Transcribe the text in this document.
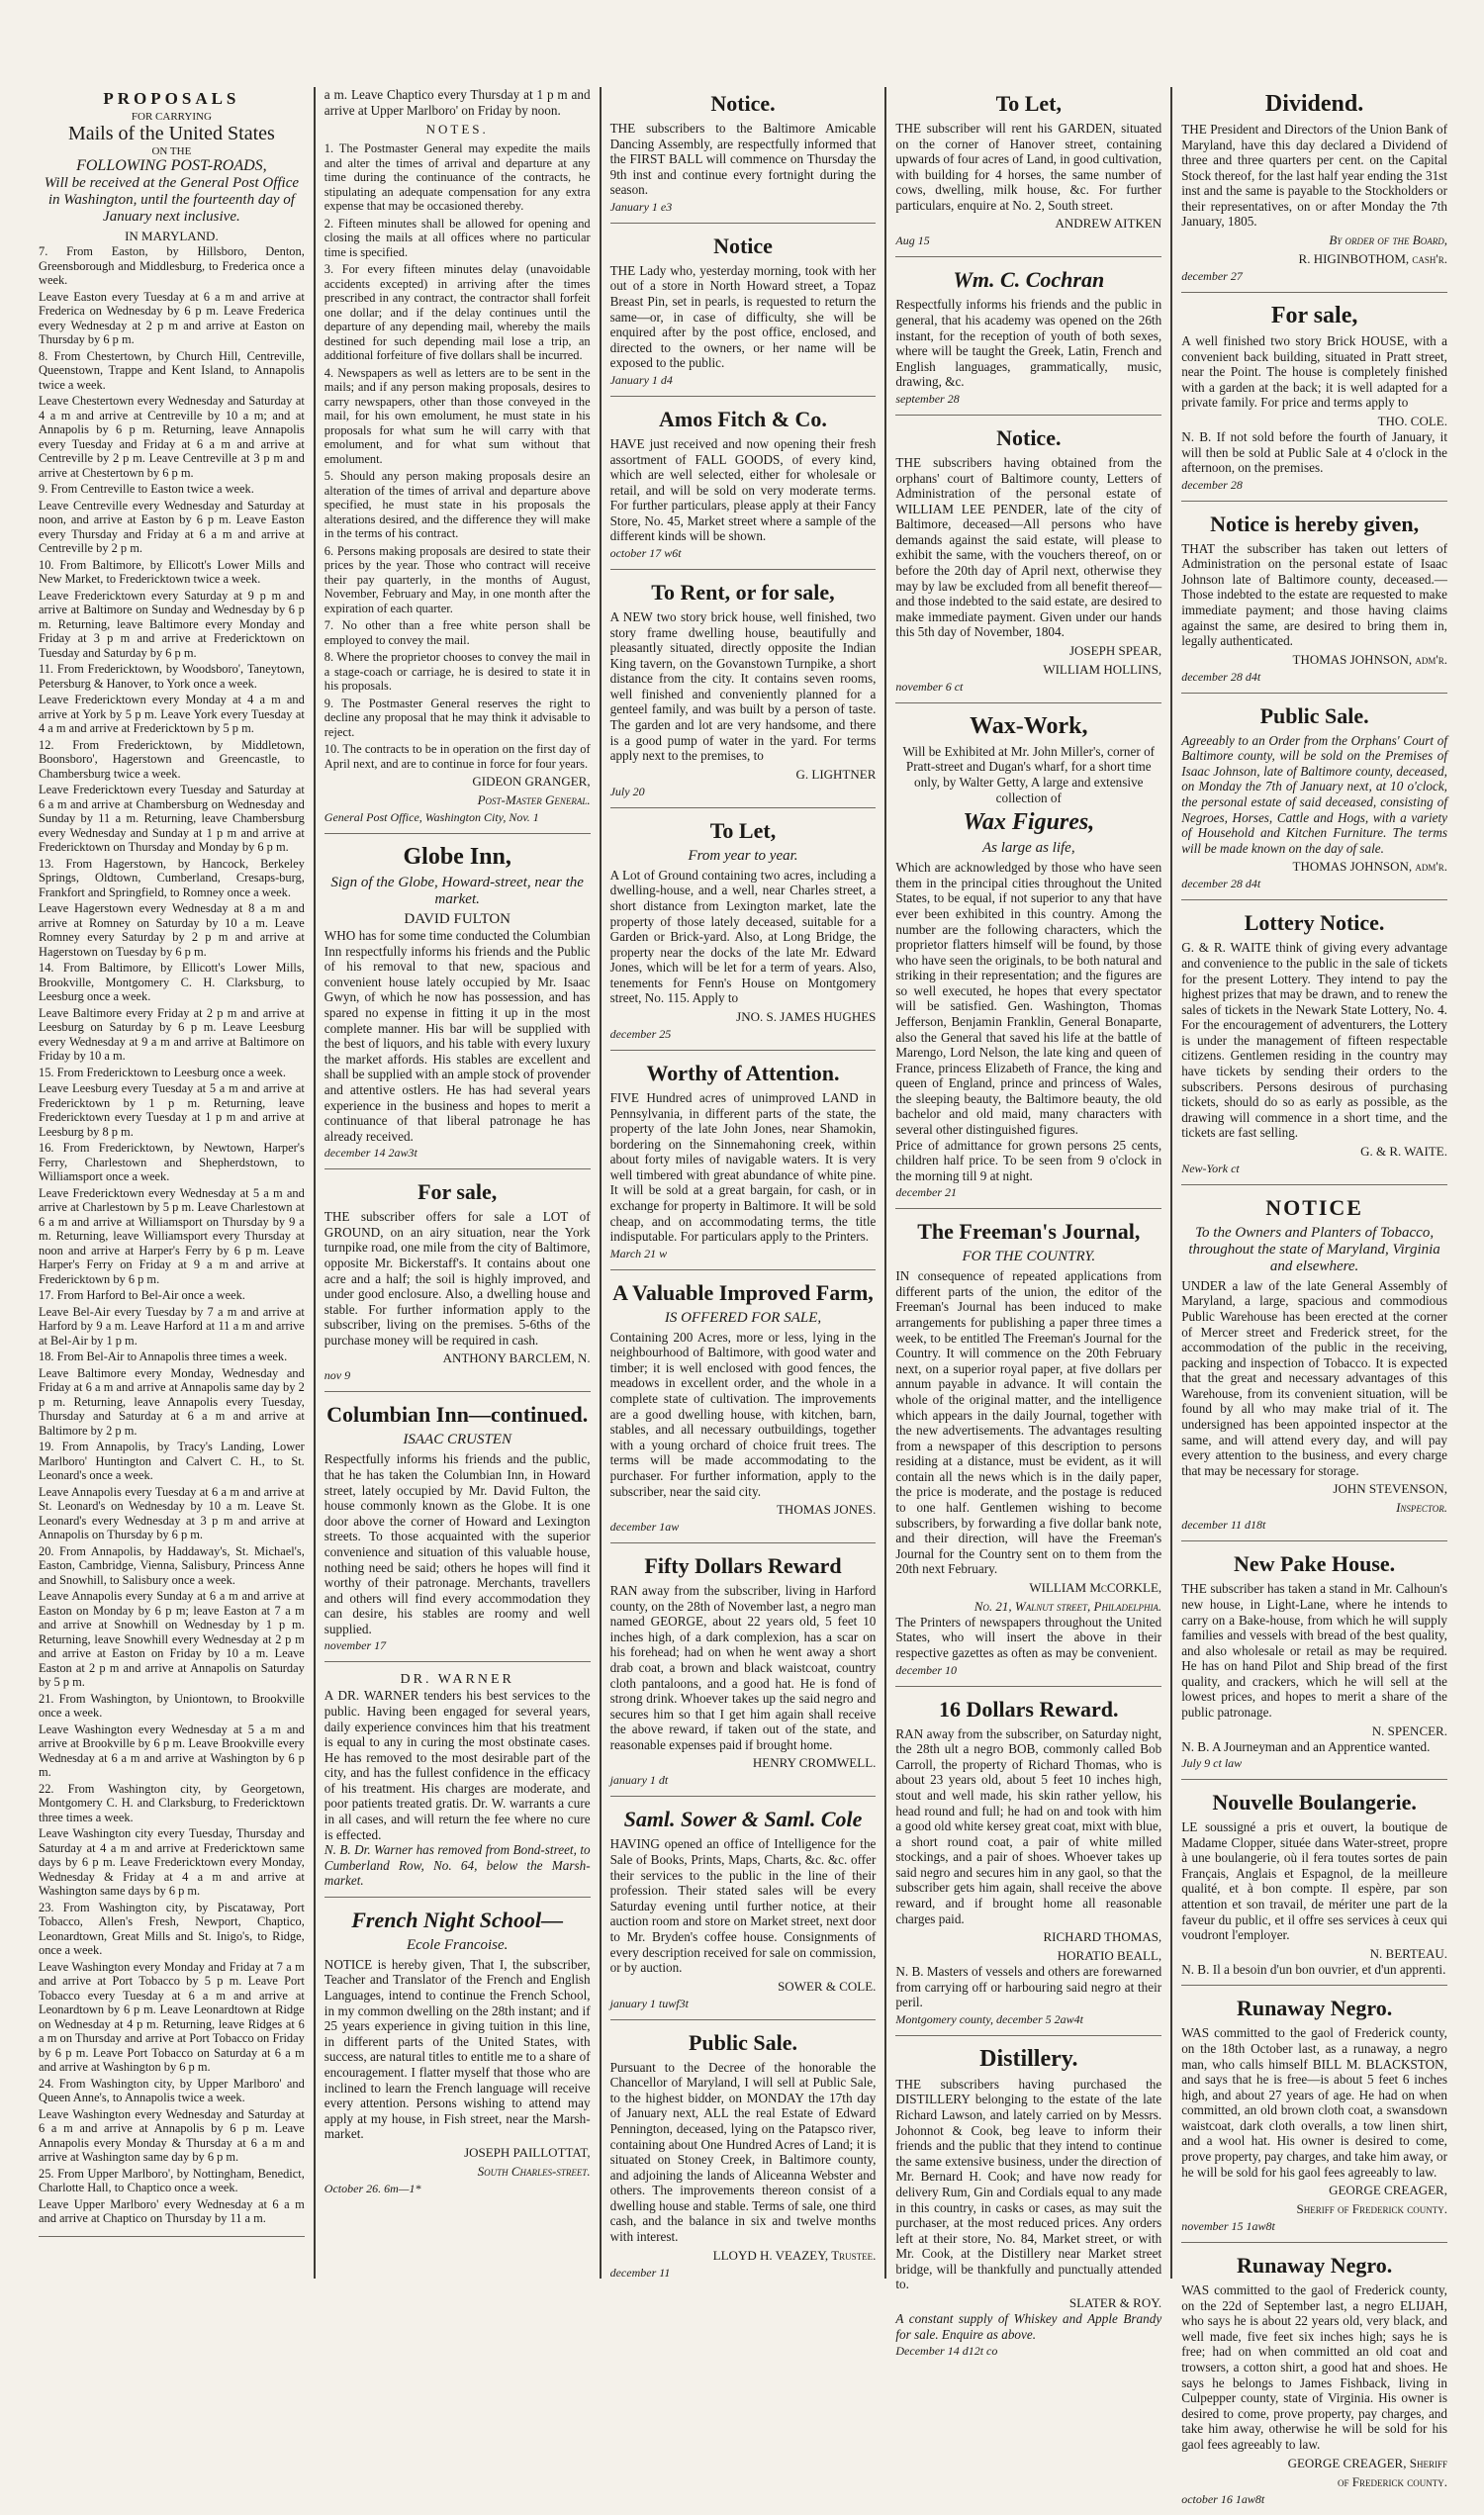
PROPOSALS
FOR CARRYING
Mails of the United States
ON THE
FOLLOWING POST-ROADS,
Will be received at the General Post Office in Washington, until the fourteenth day of January next inclusive.
IN MARYLAND.

7. From Easton, by Hillsboro, Denton, Greensborough and Middlesburg, to Frederica once a week.

Leave Easton every Tuesday at 6 a m and arrive at Frederica on Wednesday by 6 p m. Leave Frederica every Wednesday at 2 p m and arrive at Easton on Thursday by 6 p m.

8. From Chestertown, by Church Hill, Centreville, Queenstown, Trappe and Kent Island, to Annapolis twice a week.

Leave Chestertown every Wednesday and Saturday at 4 a m and arrive at Centreville by 10 a m; and at Annapolis by 6 p m. Returning, leave Annapolis every Tuesday and Friday at 6 a m and arrive at Centreville by 2 p m. Leave Centreville at 3 p m and arrive at Chestertown by 6 p m.

9. From Centreville to Easton twice a week.

Leave Centreville every Wednesday and Saturday at noon, and arrive at Easton by 6 p m. Leave Easton every Thursday and Friday at 6 a m and arrive at Centreville by 2 p m.

10. From Baltimore, by Ellicott's Lower Mills and New Market, to Fredericktown twice a week.

Leave Fredericktown every Saturday at 9 p m and arrive at Baltimore on Sunday and Wednesday by 6 p m. Returning, leave Baltimore every Monday and Friday at 3 p m and arrive at Fredericktown on Tuesday and Saturday by 6 p m.

11. From Fredericktown, by Woodsboro', Taneytown, Petersburg & Hanover, to York once a week.

Leave Fredericktown every Monday at 4 a m and arrive at York by 5 p m. Leave York every Tuesday at 4 a m and arrive at Fredericktown by 5 p m.

12. From Fredericktown, by Middletown, Boonsboro', Hagerstown and Greencastle, to Chambersburg twice a week.

Leave Fredericktown every Tuesday and Saturday at 6 a m and arrive at Chambersburg on Wednesday and Sunday by 11 a m. Returning, leave Chambersburg every Wednesday and Sunday at 1 p m and arrive at Fredericktown on Thursday and Monday by 6 p m.

13. From Hagerstown, by Hancock, Berkeley Springs, Oldtown, Cumberland, Cresaps-burg, Frankfort and Springfield, to Romney once a week.

Leave Hagerstown every Wednesday at 8 a m and arrive at Romney on Saturday by 10 a m. Leave Romney every Saturday by 2 p m and arrive at Hagerstown on Tuesday by 6 p m.

14. From Baltimore, by Ellicott's Lower Mills, Brookville, Montgomery C. H. Clarksburg, to Leesburg once a week.

Leave Baltimore every Friday at 2 p m and arrive at Leesburg on Saturday by 6 p m. Leave Leesburg every Wednesday at 9 a m and arrive at Baltimore on Friday by 10 a m.

15. From Fredericktown to Leesburg once a week.

Leave Leesburg every Tuesday at 5 a m and arrive at Fredericktown by 1 p m. Returning, leave Fredericktown every Tuesday at 1 p m and arrive at Leesburg by 8 p m.

16. From Fredericktown, by Newtown, Harper's Ferry, Charlestown and Shepherdstown, to Williamsport once a week.

Leave Fredericktown every Wednesday at 5 a m and arrive at Charlestown by 5 p m. Leave Charlestown at 6 a m and arrive at Williamsport on Thursday by 9 a m. Returning, leave Williamsport every Thursday at noon and arrive at Harper's Ferry by 6 p m. Leave Harper's Ferry on Friday at 9 a m and arrive at Fredericktown by 6 p m.

17. From Harford to Bel-Air once a week.

Leave Bel-Air every Tuesday by 7 a m and arrive at Harford by 9 a m. Leave Harford at 11 a m and arrive at Bel-Air by 1 p m.

18. From Bel-Air to Annapolis three times a week.

Leave Baltimore every Monday, Wednesday and Friday at 6 a m and arrive at Annapolis same day by 2 p m. Returning, leave Annapolis every Tuesday, Thursday and Saturday at 6 a m and arrive at Baltimore by 2 p m.

19. From Annapolis, by Tracy's Landing, Lower Marlboro' Huntington and Calvert C. H., to St. Leonard's once a week.

Leave Annapolis every Tuesday at 6 a m and arrive at St. Leonard's on Wednesday by 10 a m. Leave St. Leonard's every Wednesday at 3 p m and arrive at Annapolis on Thursday by 6 p m.

20. From Annapolis, by Haddaway's, St. Michael's, Easton, Cambridge, Vienna, Salisbury, Princess Anne and Snowhill, to Salisbury once a week.

Leave Annapolis every Sunday at 6 a m and arrive at Easton on Monday by 6 p m; leave Easton at 7 a m and arrive at Snowhill on Wednesday by 1 p m. Returning, leave Snowhill every Wednesday at 2 p m and arrive at Easton on Friday by 10 a m. Leave Easton at 2 p m and arrive at Annapolis on Saturday by 5 p m.

21. From Washington, by Uniontown, to Brookville once a week.

Leave Washington every Wednesday at 5 a m and arrive at Brookville by 6 p m. Leave Brookville every Wednesday at 6 a m and arrive at Washington by 6 p m.

22. From Washington city, by Georgetown, Montgomery C. H. and Clarksburg, to Fredericktown three times a week.

Leave Washington city every Tuesday, Thursday and Saturday at 4 a m and arrive at Fredericktown same days by 6 p m. Leave Fredericktown every Monday, Wednesday & Friday at 4 a m and arrive at Washington same days by 6 p m.

23. From Washington city, by Piscataway, Port Tobacco, Allen's Fresh, Newport, Chaptico, Leonardtown, Great Mills and St. Inigo's, to Ridge, once a week.

Leave Washington every Monday and Friday at 7 a m and arrive at Port Tobacco by 5 p m. Leave Port Tobacco every Tuesday at 6 a m and arrive at Leonardtown by 6 p m. Leave Leonardtown at Ridge on Wednesday at 4 p m. Returning, leave Ridges at 6 a m on Thursday and arrive at Port Tobacco on Friday by 6 p m. Leave Port Tobacco on Saturday at 6 a m and arrive at Washington by 6 p m.

24. From Washington city, by Upper Marlboro' and Queen Anne's, to Annapolis twice a week.

Leave Washington every Wednesday and Saturday at 6 a m and arrive at Annapolis by 6 p m. Leave Annapolis every Monday & Thursday at 6 a m and arrive at Washington same day by 6 p m.

25. From Upper Marlboro', by Nottingham, Benedict, Charlotte Hall, to Chaptico once a week.

Leave Upper Marlboro' every Wednesday at 6 a m and arrive at Chaptico on Thursday by 11 a m.

a m. Leave Chaptico every Thursday at 1 p m and arrive at Upper Marlboro' on Friday by noon.

NOTES.

1. The Postmaster General may expedite the mails and alter the times of arrival and departure at any time during the continuance of the contracts, he stipulating an adequate compensation for any extra expense that may be occasioned thereby.

2. Fifteen minutes shall be allowed for opening and closing the mails at all offices where no particular time is specified.

3. For every fifteen minutes delay (unavoidable accidents excepted) in arriving after the times prescribed in any contract, the contractor shall forfeit one dollar; and if the delay continues until the departure of any depending mail, whereby the mails destined for such depending mail lose a trip, an additional forfeiture of five dollars shall be incurred.

4. Newspapers as well as letters are to be sent in the mails; and if any person making proposals, desires to carry newspapers, other than those conveyed in the mail, for his own emolument, he must state in his proposals for what sum he will carry with that emolument, and for what sum without that emolument.

5. Should any person making proposals desire an alteration of the times of arrival and departure above specified, he must state in his proposals the alterations desired, and the difference they will make in the terms of his contract.

6. Persons making proposals are desired to state their prices by the year. Those who contract will receive their pay quarterly, in the months of August, November, February and May, in one month after the expiration of each quarter.

7. No other than a free white person shall be employed to convey the mail.

8. Where the proprietor chooses to convey the mail in a stage-coach or carriage, he is desired to state it in his proposals.

9. The Postmaster General reserves the right to decline any proposal that he may think it advisable to reject.

10. The contracts to be in operation on the first day of April next, and are to continue in force for four years.

GIDEON GRANGER,

Post-Master General.

General Post Office, Washington City, Nov. 1

Globe Inn,
Sign of the Globe, Howard-street, near the market.
DAVID FULTON

WHO has for some time conducted the Columbian Inn respectfully informs his friends and the Public of his removal to that new, spacious and convenient house lately occupied by Mr. Isaac Gwyn, of which he now has possession, and has spared no expense in fitting it up in the most complete manner. His bar will be supplied with the best of liquors, and his table with every luxury the market affords. His stables are excellent and shall be supplied with an ample stock of provender and attentive ostlers. He has had several years experience in the business and hopes to merit a continuance of that liberal patronage he has already received.

december 14 2aw3t

For sale,

THE subscriber offers for sale a LOT of GROUND, on an airy situation, near the York turnpike road, one mile from the city of Baltimore, opposite Mr. Bickerstaff's. It contains about one acre and a half; the soil is highly improved, and under good enclosure. Also, a dwelling house and stable. For further information apply to the subscriber, living on the premises. 5-6ths of the purchase money will be required in cash.

ANTHONY BARCLEM, N.

nov 9

Columbian Inn—continued.
ISAAC CRUSTEN

Respectfully informs his friends and the public, that he has taken the Columbian Inn, in Howard street, lately occupied by Mr. David Fulton, the house commonly known as the Globe. It is one door above the corner of Howard and Lexington streets. To those acquainted with the superior convenience and situation of this valuable house, nothing need be said; others he hopes will find it worthy of their patronage. Merchants, travellers and others will find every accommodation they can desire, his stables are roomy and well supplied.

november 17

DR. WARNER

A DR. WARNER tenders his best services to the public. Having been engaged for several years, daily experience convinces him that his treatment is equal to any in curing the most obstinate cases. He has removed to the most desirable part of the city, and has the fullest confidence in the efficacy of his treatment. His charges are moderate, and poor patients treated gratis. Dr. W. warrants a cure in all cases, and will return the fee where no cure is effected.

N. B. Dr. Warner has removed from Bond-street, to Cumberland Row, No. 64, below the Marsh-market.

French Night School—
Ecole Francoise.

NOTICE is hereby given, That I, the subscriber, Teacher and Translator of the French and English Languages, intend to continue the French School, in my common dwelling on the 28th instant; and if 25 years experience in giving tuition in this line, in different parts of the United States, with success, are natural titles to entitle me to a share of encouragement. I flatter myself that those who are inclined to learn the French language will receive every attention. Persons wishing to attend may apply at my house, in Fish street, near the Marsh-market.

JOSEPH PAILLOTTAT,

South Charles-street.

October 26. 6m—1*

Notice.

THE subscribers to the Baltimore Amicable Dancing Assembly, are respectfully informed that the FIRST BALL will commence on Thursday the 9th inst and continue every fortnight during the season.

January 1 e3

Notice

THE Lady who, yesterday morning, took with her out of a store in North Howard street, a Topaz Breast Pin, set in pearls, is requested to return the same—or, in case of difficulty, she will be enquired after by the post office, enclosed, and directed to the owners, or her name will be exposed to the public.

January 1 d4

Amos Fitch & Co.

HAVE just received and now opening their fresh assortment of FALL GOODS, of every kind, which are well selected, either for wholesale or retail, and will be sold on very moderate terms. For further particulars, please apply at their Fancy Store, No. 45, Market street where a sample of the different kinds will be shown.

october 17 w6t

To Rent, or for sale,

A NEW two story brick house, well finished, two story frame dwelling house, beautifully and pleasantly situated, directly opposite the Indian King tavern, on the Govanstown Turnpike, a short distance from the city. It contains seven rooms, well finished and conveniently planned for a genteel family, and was built by a person of taste. The garden and lot are very handsome, and there is a good pump of water in the yard. For terms apply next to the premises, to

G. LIGHTNER

July 20

To Let,
From year to year.

A Lot of Ground containing two acres, including a dwelling-house, and a well, near Charles street, a short distance from Lexington market, late the property of those lately deceased, suitable for a Garden or Brick-yard. Also, at Long Bridge, the property near the docks of the late Mr. Edward Jones, which will be let for a term of years. Also, tenements for Fenn's House on Montgomery street, No. 115. Apply to

JNO. S. JAMES HUGHES

december 25

Worthy of Attention.

FIVE Hundred acres of unimproved LAND in Pennsylvania, in different parts of the state, the property of the late John Jones, near Shamokin, bordering on the Sinnemahoning creek, within about forty miles of navigable waters. It is very well timbered with great abundance of white pine. It will be sold at a great bargain, for cash, or in exchange for property in Baltimore. It will be sold cheap, and on accommodating terms, the title indisputable. For particulars apply to the Printers.

March 21 w

A Valuable Improved Farm,
IS OFFERED FOR SALE,

Containing 200 Acres, more or less, lying in the neighbourhood of Baltimore, with good water and timber; it is well enclosed with good fences, the meadows in excellent order, and the whole in a complete state of cultivation. The improvements are a good dwelling house, with kitchen, barn, stables, and all necessary outbuildings, together with a young orchard of choice fruit trees. The terms will be made accommodating to the purchaser. For further information, apply to the subscriber, near the said city.

THOMAS JONES.

december 1aw

Fifty Dollars Reward

RAN away from the subscriber, living in Harford county, on the 28th of November last, a negro man named GEORGE, about 22 years old, 5 feet 10 inches high, of a dark complexion, has a scar on his forehead; had on when he went away a short drab coat, a brown and black waistcoat, country cloth pantaloons, and a good hat. He is fond of strong drink. Whoever takes up the said negro and secures him so that I get him again shall receive the above reward, if taken out of the state, and reasonable expenses paid if brought home.

HENRY CROMWELL.

january 1 dt

Saml. Sower & Saml. Cole

HAVING opened an office of Intelligence for the Sale of Books, Prints, Maps, Charts, &c. &c. offer their services to the public in the line of their profession. Their stated sales will be every Saturday evening until further notice, at their auction room and store on Market street, next door to Mr. Bryden's coffee house. Consignments of every description received for sale on commission, or by auction.

SOWER & COLE.

january 1 tuwf3t

Public Sale.

Pursuant to the Decree of the honorable the Chancellor of Maryland, I will sell at Public Sale, to the highest bidder, on MONDAY the 17th day of January next, ALL the real Estate of Edward Pennington, deceased, lying on the Patapsco river, containing about One Hundred Acres of Land; it is situated on Stoney Creek, in Baltimore county, and adjoining the lands of Aliceanna Webster and others. The improvements thereon consist of a dwelling house and stable. Terms of sale, one third cash, and the balance in six and twelve months with interest.

LLOYD H. VEAZEY, Trustee.

december 11

To Let,

THE subscriber will rent his GARDEN, situated on the corner of Hanover street, containing upwards of four acres of Land, in good cultivation, with building for 4 horses, the same number of cows, dwelling, milk house, &c. For further particulars, enquire at No. 2, South street.

ANDREW AITKEN

Aug 15

Wm. C. Cochran

Respectfully informs his friends and the public in general, that his academy was opened on the 26th instant, for the reception of youth of both sexes, where will be taught the Greek, Latin, French and English languages, grammatically, music, drawing, &c.

september 28

Notice.

THE subscribers having obtained from the orphans' court of Baltimore county, Letters of Administration of the personal estate of WILLIAM LEE PENDER, late of the city of Baltimore, deceased—All persons who have demands against the said estate, will please to exhibit the same, with the vouchers thereof, on or before the 20th day of April next, otherwise they may by law be excluded from all benefit thereof—and those indebted to the said estate, are desired to make immediate payment. Given under our hands this 5th day of November, 1804.

JOSEPH SPEAR,

WILLIAM HOLLINS,

november 6 ct

Wax-Work,

Will be Exhibited at Mr. John Miller's, corner of Pratt-street and Dugan's wharf, for a short time only, by Walter Getty, A large and extensive collection of

Wax Figures,
As large as life,

Which are acknowledged by those who have seen them in the principal cities throughout the United States, to be equal, if not superior to any that have ever been exhibited in this country. Among the number are the following characters, which the proprietor flatters himself will be found, by those who have seen the originals, to be both natural and striking in their representation; and the figures are so well executed, he hopes that every spectator will be satisfied. Gen. Washington, Thomas Jefferson, Benjamin Franklin, General Bonaparte, also the General that saved his life at the battle of Marengo, Lord Nelson, the late king and queen of France, princess Elizabeth of France, the king and queen of England, prince and princess of Wales, the sleeping beauty, the Baltimore beauty, the old bachelor and old maid, many characters with several other distinguished figures.

Price of admittance for grown persons 25 cents, children half price. To be seen from 9 o'clock in the morning till 9 at night.

december 21

The Freeman's Journal,
FOR THE COUNTRY.

IN consequence of repeated applications from different parts of the union, the editor of the Freeman's Journal has been induced to make arrangements for publishing a paper three times a week, to be entitled The Freeman's Journal for the Country. It will commence on the 20th February next, on a superior royal paper, at five dollars per annum payable in advance. It will contain the whole of the original matter, and the intelligence which appears in the daily Journal, together with the new advertisements. The advantages resulting from a newspaper of this description to persons residing at a distance, must be evident, as it will contain all the news which is in the daily paper, the price is moderate, and the postage is reduced to one half. Gentlemen wishing to become subscribers, by forwarding a five dollar bank note, and their direction, will have the Freeman's Journal for the Country sent on to them from the 20th next February.

WILLIAM McCORKLE,

No. 21, Walnut street, Philadelphia.

The Printers of newspapers throughout the United States, who will insert the above in their respective gazettes as often as may be convenient.

december 10

16 Dollars Reward.

RAN away from the subscriber, on Saturday night, the 28th ult a negro BOB, commonly called Bob Carroll, the property of Richard Thomas, who is about 23 years old, about 5 feet 10 inches high, stout and well made, his skin rather yellow, his head round and full; he had on and took with him a good old white kersey great coat, mixt with blue, a short round coat, a pair of white milled stockings, and a pair of shoes. Whoever takes up said negro and secures him in any gaol, so that the subscriber gets him again, shall receive the above reward, and if brought home all reasonable charges paid.

RICHARD THOMAS,

HORATIO BEALL,

N. B. Masters of vessels and others are forewarned from carrying off or harbouring said negro at their peril.

Montgomery county, december 5 2aw4t

Distillery.

THE subscribers having purchased the DISTILLERY belonging to the estate of the late Richard Lawson, and lately carried on by Messrs. Johonnot & Cook, beg leave to inform their friends and the public that they intend to continue the same extensive business, under the direction of Mr. Bernard H. Cook; and have now ready for delivery Rum, Gin and Cordials equal to any made in this country, in casks or cases, as may suit the purchaser, at the most reduced prices. Any orders left at their store, No. 84, Market street, or with Mr. Cook, at the Distillery near Market street bridge, will be thankfully and punctually attended to.

SLATER & ROY.

A constant supply of Whiskey and Apple Brandy for sale. Enquire as above.

December 14 d12t co

Dividend.

THE President and Directors of the Union Bank of Maryland, have this day declared a Dividend of three and three quarters per cent. on the Capital Stock thereof, for the last half year ending the 31st inst and the same is payable to the Stockholders or their representatives, on or after Monday the 7th January, 1805.

By order of the Board,

R. HIGINBOTHOM, cash'r.

december 27

For sale,

A well finished two story Brick HOUSE, with a convenient back building, situated in Pratt street, near the Point. The house is completely finished with a garden at the back; it is well adapted for a private family. For price and terms apply to

THO. COLE.

N. B. If not sold before the fourth of January, it will then be sold at Public Sale at 4 o'clock in the afternoon, on the premises.

december 28

Notice is hereby given,

THAT the subscriber has taken out letters of Administration on the personal estate of Isaac Johnson late of Baltimore county, deceased.—Those indebted to the estate are requested to make immediate payment; and those having claims against the same, are desired to bring them in, legally authenticated.

THOMAS JOHNSON, adm'r.

december 28 d4t

Public Sale.

Agreeably to an Order from the Orphans' Court of Baltimore county, will be sold on the Premises of Isaac Johnson, late of Baltimore county, deceased, on Monday the 7th of January next, at 10 o'clock, the personal estate of said deceased, consisting of Negroes, Horses, Cattle and Hogs, with a variety of Household and Kitchen Furniture. The terms will be made known on the day of sale.

THOMAS JOHNSON, adm'r.

december 28 d4t

Lottery Notice.

G. & R. WAITE think of giving every advantage and convenience to the public in the sale of tickets for the present Lottery. They intend to pay the highest prizes that may be drawn, and to renew the sales of tickets in the Newark State Lottery, No. 4. For the encouragement of adventurers, the Lottery is under the management of fifteen respectable citizens. Gentlemen residing in the country may have tickets by sending their orders to the subscribers. Persons desirous of purchasing tickets, should do so as early as possible, as the drawing will commence in a short time, and the tickets are fast selling.

G. & R. WAITE.

New-York ct

NOTICE
To the Owners and Planters of Tobacco, throughout the state of Maryland, Virginia and elsewhere.

UNDER a law of the late General Assembly of Maryland, a large, spacious and commodious Public Warehouse has been erected at the corner of Mercer street and Frederick street, for the accommodation of the public in the receiving, packing and inspection of Tobacco. It is expected that the great and necessary advantages of this Warehouse, from its convenient situation, will be found by all who may make trial of it. The undersigned has been appointed inspector at the same, and will attend every day, and will pay every attention to the business, and every charge that may be necessary for storage.

JOHN STEVENSON,

Inspector.

december 11 d18t

New Pake House.

THE subscriber has taken a stand in Mr. Calhoun's new house, in Light-Lane, where he intends to carry on a Bake-house, from which he will supply families and vessels with bread of the best quality, and also wholesale or retail as may be required. He has on hand Pilot and Ship bread of the first quality, and crackers, which he will sell at the lowest prices, and hopes to merit a share of the public patronage.

N. SPENCER.

N. B. A Journeyman and an Apprentice wanted.

July 9 ct law

Nouvelle Boulangerie.

LE soussigné a pris et ouvert, la boutique de Madame Clopper, située dans Water-street, propre à une boulangerie, où il fera toutes sortes de pain Français, Anglais et Espagnol, de la meilleure qualité, et à bon compte. Il espère, par son attention et son travail, de mériter une part de la faveur du public, et il offre ses services à ceux qui voudront l'employer.

N. BERTEAU.

N. B. Il a besoin d'un bon ouvrier, et d'un apprenti.

Runaway Negro.

WAS committed to the gaol of Frederick county, on the 18th October last, as a runaway, a negro man, who calls himself BILL M. BLACKSTON, and says that he is free—is about 5 feet 6 inches high, and about 27 years of age. He had on when committed, an old brown cloth coat, a swansdown waistcoat, dark cloth overalls, a tow linen shirt, and a wool hat. His owner is desired to come, prove property, pay charges, and take him away, or he will be sold for his gaol fees agreeably to law.

GEORGE CREAGER,

Sheriff of Frederick county.

november 15 1aw8t

Runaway Negro.

WAS committed to the gaol of Frederick county, on the 22d of September last, a negro ELIJAH, who says he is about 22 years old, very black, and well made, five feet six inches high; says he is free; had on when committed an old coat and trowsers, a cotton shirt, a good hat and shoes. He says he belongs to James Fishback, living in Culpepper county, state of Virginia. His owner is desired to come, prove property, pay charges, and take him away, otherwise he will be sold for his gaol fees agreeably to law.

GEORGE CREAGER, Sheriff

of Frederick county.

october 16 1aw8t
